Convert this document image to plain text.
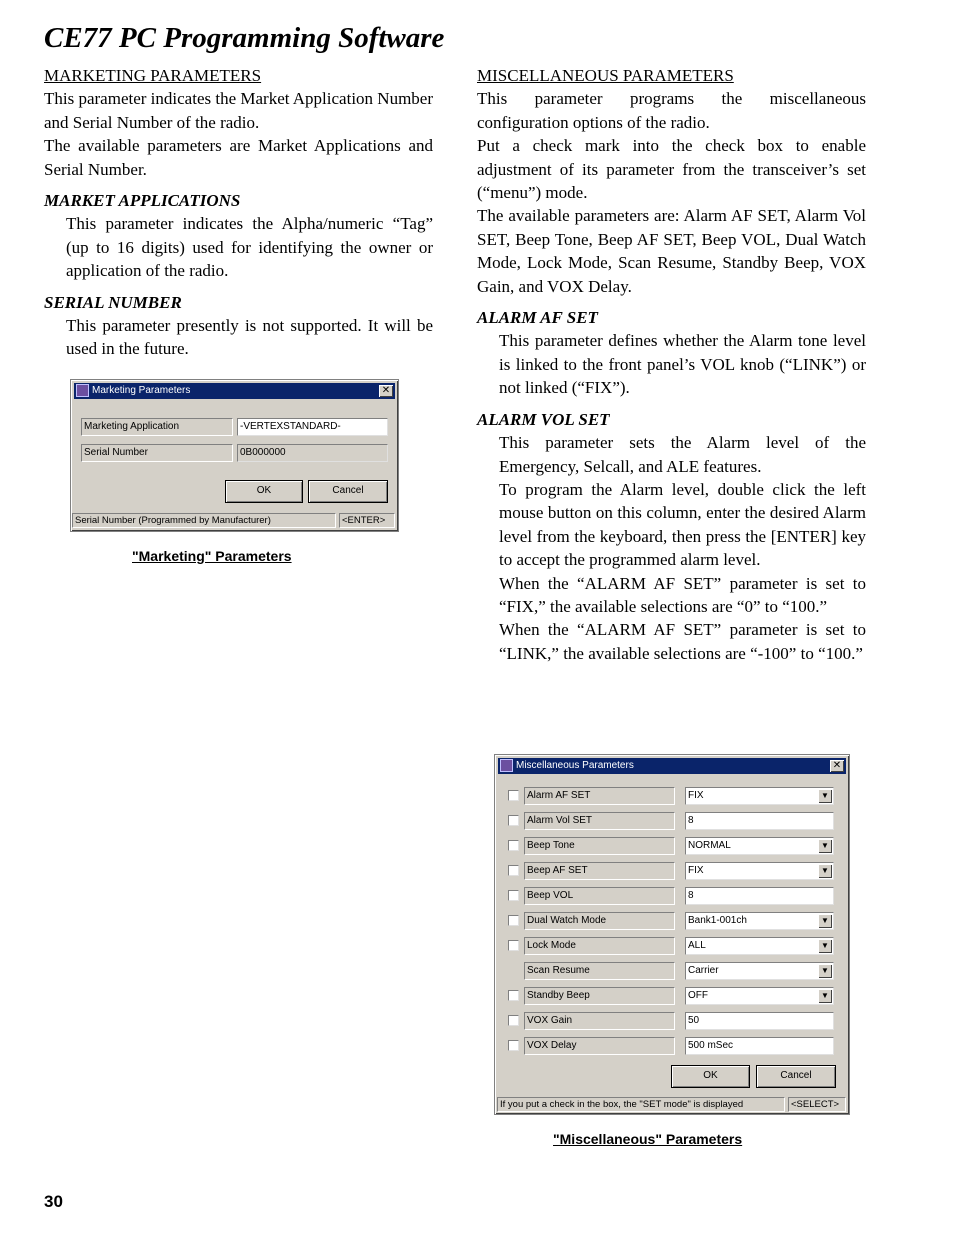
CE77 PC Programming Software

MARKETING PARAMETERS

This parameter indicates the Market Application Number and Serial Number of the radio.

The available parameters are Market Applications and Serial Number.

MARKET APPLICATIONS

This parameter indicates the Alpha/numeric “Tag” (up to 16 digits) used for identifying the owner or application of the radio.

SERIAL NUMBER

This parameter presently is not supported. It will be used in the future.

Marketing Parameters	✕
Marketing Application	-VERTEXSTANDARD-
Serial Number	0B000000
OK	Cancel
Serial Number (Programmed by Manufacturer)	<ENTER>
"Marketing" Parameters

MISCELLANEOUS PARAMETERS

This parameter programs the miscellaneous configuration options of the radio.

Put a check mark into the check box to enable adjustment of its parameter from the transceiver’s set (“menu”) mode.

The available parameters are: Alarm AF SET, Alarm Vol SET, Beep Tone, Beep AF SET, Beep VOL, Dual Watch Mode, Lock Mode, Scan Resume, Standby Beep, VOX Gain, and VOX Delay.

ALARM AF SET

This parameter defines whether the Alarm tone level is linked to the front panel’s VOL knob (“LINK”) or not linked (“FIX”).

ALARM VOL SET

This parameter sets the Alarm level of the Emergency, Selcall, and ALE features.

To program the Alarm level, double click the left mouse button on this column, enter the desired Alarm level from the keyboard, then press the [ENTER] key to accept the programmed alarm level.

When the “ALARM AF SET” parameter is set to “FIX,” the available selections are “0” to “100.”

When the “ALARM AF SET” parameter is set to “LINK,” the available selections are “-100” to “100.”

Miscellaneous Parameters	✕
Alarm AF SET	FIX	▼
Alarm Vol SET	8
Beep Tone	NORMAL	▼
Beep AF SET	FIX	▼
Beep VOL	8
Dual Watch Mode	Bank1-001ch	▼
Lock Mode	ALL	▼
Scan Resume	Carrier	▼
Standby Beep	OFF	▼
VOX Gain	50
VOX Delay	500 mSec
OK	Cancel
If you put a check in the box, the "SET mode" is displayed	<SELECT>
"Miscellaneous" Parameters
30
